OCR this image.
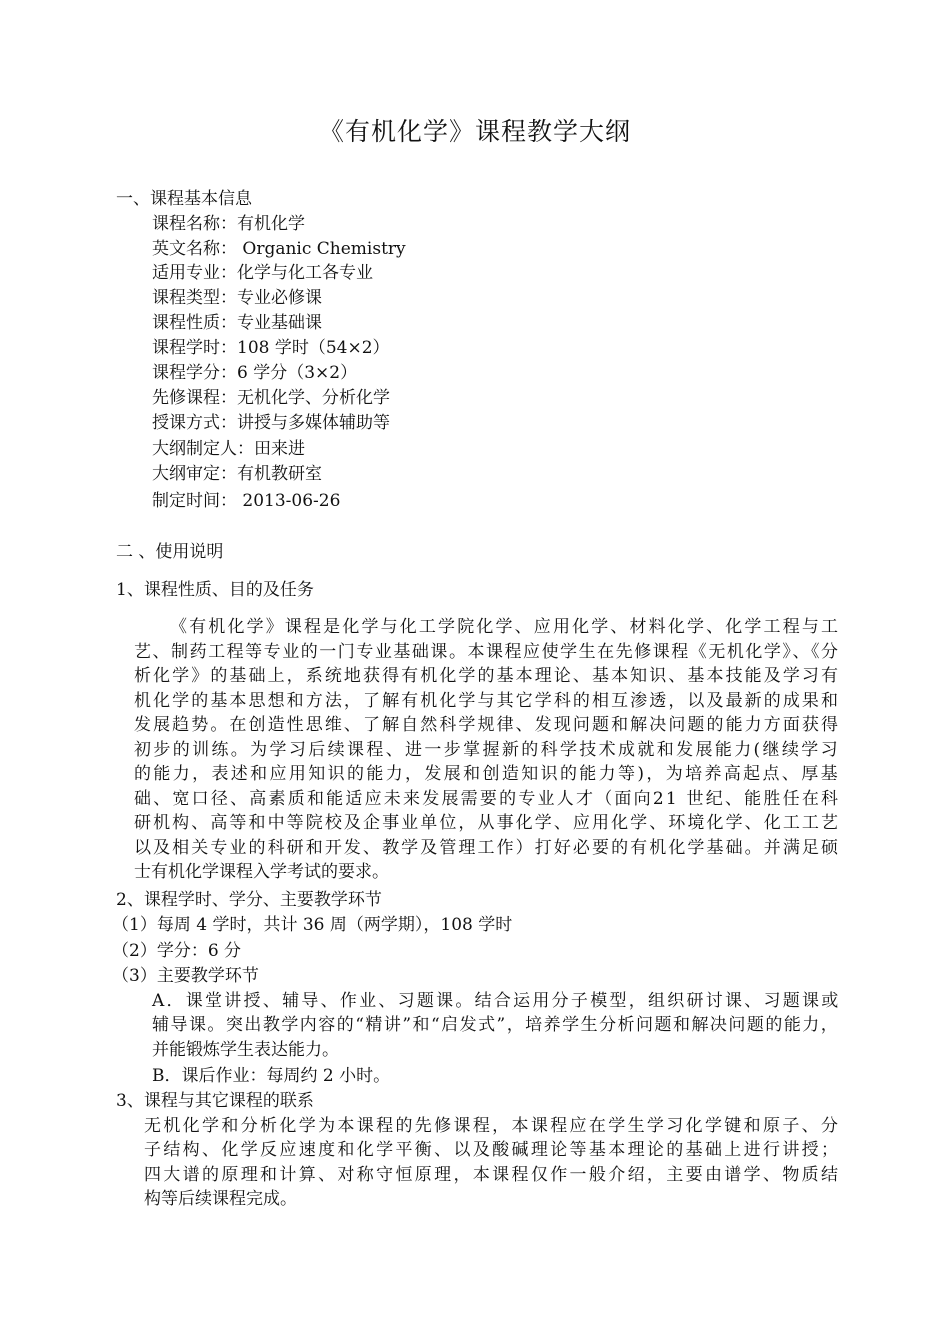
《有机化学》课程教学大纲
一、课程基本信息
课程名称：有机化学
英文名称： Organic Chemistry
适用专业：化学与化工各专业
课程类型：专业必修课
课程性质：专业基础课
课程学时：108 学时（54×2）
课程学分：6 学分（3×2）
先修课程：无机化学、分析化学
授课方式：讲授与多媒体辅助等
大纲制定人：田来进
大纲审定：有机教研室
制定时间： 2013-06-26
二 、使用说明
1、课程性质、目的及任务
《有机化学》课程是化学与化工学院化学、应用化学、材料化学、化学工程与工
艺、制药工程等专业的一门专业基础课。本课程应使学生在先修课程《无机化学》、《分
析化学》的基础上，系统地获得有机化学的基本理论、基本知识、基本技能及学习有
机化学的基本思想和方法，了解有机化学与其它学科的相互渗透，以及最新的成果和
发展趋势。在创造性思维、了解自然科学规律、发现问题和解决问题的能力方面获得
初步的训练。为学习后续课程、进一步掌握新的科学技术成就和发展能力(继续学习
的能力，表述和应用知识的能力，发展和创造知识的能力等)，为培养高起点、厚基
础、宽口径、高素质和能适应未来发展需要的专业人才（面向21 世纪、能胜任在科
研机构、高等和中等院校及企事业单位，从事化学、应用化学、环境化学、化工工艺
以及相关专业的科研和开发、教学及管理工作）打好必要的有机化学基础。并满足硕
士有机化学课程入学考试的要求。
2、课程学时、学分、主要教学环节
（1）每周 4 学时，共计 36 周（两学期），108 学时
（2）学分：6 分
（3）主要教学环节
A．课堂讲授、辅导、作业、习题课。结合运用分子模型，组织研讨课、习题课或
辅导课。突出教学内容的“精讲”和“启发式”，培养学生分析问题和解决问题的能力，
并能锻炼学生表达能力。
B．课后作业：每周约 2 小时。
3、课程与其它课程的联系
无机化学和分析化学为本课程的先修课程，本课程应在学生学习化学键和原子、分
子结构、化学反应速度和化学平衡、以及酸碱理论等基本理论的基础上进行讲授；
四大谱的原理和计算、对称守恒原理，本课程仅作一般介绍，主要由谱学、物质结
构等后续课程完成。
